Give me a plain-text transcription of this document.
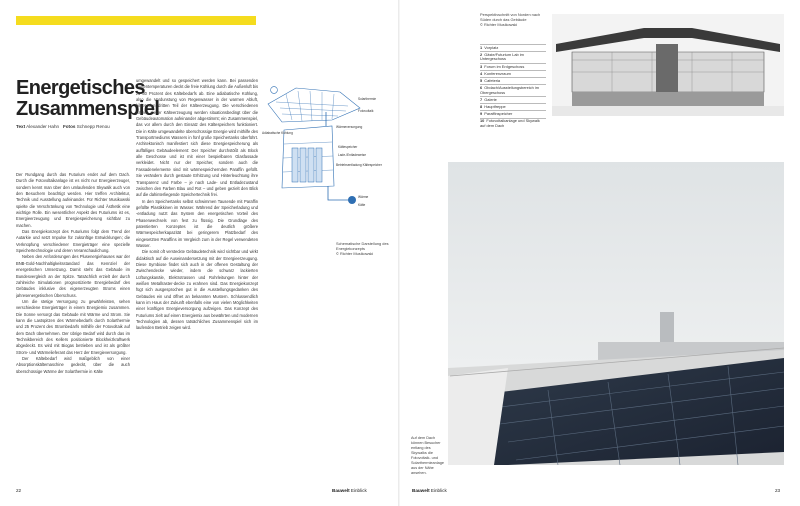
Energetisches
Zusammenspiel
Text Alexander Hahn Fotos Schnepp Renou

Der Rundgang durch das Futurium endet auf dem Dach. Durch die Fotovoltaikanlage ist es nicht nur Energieerzeuger, sondern kennt man über den umlaufenden Skywalk auch von den Besuchern beachtigt werden. Hier treffen Architektur, Technik und Ausstellung aufeinander. Für Richter Musikowski spielte die Verschränkung von Technologie und Ästhetik eine wichtige Rolle. Ein wesentlicher Aspekt des Futuriums ist es, Energieerzeugung und Energiespeicherung sichtbar zu machen.

Das Energiekonzept des Futuriums folgt dem Trend der Autarkie und setzt Impulse für zukünftige Entwicklungen; die Verknüpfung verschiedener Energieträger eine spezielle Speichertechnologie und deren Veranschaulichung.

Neben den Anforderungen des Plusenergiehauses war der BNB-Gold-Nachhaltigkeitsstandard das Kennziel der energetischen Umsetzung. Damit steht das Gebäude im Bundesvergleich an der Spitze. Tatsächlich erzielt der durch zahlreiche Simulationen prognostizierte Energiebedarf des Gebäudes inklusive des eigenerzeugten Stroms einen jahresenergetischen Überschuss.

Um die stetige Versorgung zu gewährleisten, sehen verschiedene Energieträger in einem Energiemix zusammen. Die Sonne versorgt das Gebäude mit Wärme und Strom. Sie kann die Lastspitzen des Wärmebedarfs durch Solarthermie und 25 Prozent des Strombedarfs mithilfe der Fotovoltaik auf dem Dach übernehmen. Der übrige Bedarf wird durch das im Technikbereich des Kellers positionierte Blockheizkraftwerk abgedeckt. Es wird mit Biogas betrieben und ist als größter Strom- und Wärmelieferant das Herz der Energieversorgung.

Der Kältebedarf wird maßgeblich von einer Absorptionskältemaschine gedeckt, über die auch überschüssige Wärme der Solarthermie in Kälte

umgewandelt und so gespeichert werden kann. Bei passenden Außentemperaturen deckt die freie Kühlung durch die Außenluft bis zu 30 Prozent des Kältebedarfs ab. Eine adiabatische Kühlung, also die Verdunstung von Regenwasser in der warmen Abluft, bildet den dritten Teil der Kälteerzeugung. Die verschiedenen Anteile dieser Kälteerzeugung werden situationsbedingt über die Gebäudeautomation aufeinander abgestimmt; ein Zusammenspiel, das vor allem durch den Einsatz des Kältespeichers funktioniert. Die in Kälte umgewandelte überschüssige Energie wird mithilfe des Transportmediums Wassers in fünf große Speichertanks überführt. Architektonisch manifestiert sich diese Energiespeicherung als auffälliges Gebäudeelement: Der Speicher durchstößt als Block alle Geschosse und ist mit einer bespielbaren Glasfassade verkleidet. Nicht nur der Speicher, sondern auch die Fassadenelemente sind mit wärmespeichernden Paraffin gefüllt. Sie verändern durch gestaute Erhitzung und Hinterleuchtung ihre Transparenz und Farbe – je nach Lade- und Entladezustand zwischen den Farben Blau und Rot – und geben gezielt den Blick auf die dahinterliegende Speichertechnik frei.

In den Speichertanks selbst schwimmen Tausende mit Paraffin gefüllte Plastikkinen im Wasser. Während der Speicherladung und -entladung nutzt das System den energetischen Vorteil des Phasenwechsels von fest zu flüssig. Die Grundlage des patentierten Konzeptes ist die deutlich größere Wärmespeicherkapazität bei geringerem Platzbedarf des eingesetzten Paraffins im Vergleich zum in der Regel verwendeten Wasser.

Die somit oft versteckte Gebäudetechnik wird sichtbar und wirkt didaktisch auf die Auseinandersetzung mit der Energieerzeugung. Diese Symbiose findet sich auch in der offenen Gestaltung der Zwischendecke wieder, indem die schwarz lackierten Lüftungskanäle, Elektrotrassen und Rohrleitungen hinter der weißen Metallraster-decke zu erahnen sind. Das Energiekonzept fügt sich ausgesprochen gut in die Ausstellungsgedanken des Gebäudes ein und öffnet an bekannten Mustern. Schlussendlich kann im Haus der Zukunft ebenfalls eine von vielen Möglichkeiten einer künftigen Energieversorgung aufzeigen. Das Konzept des Futuriums zielt auf einen Energiemix aus bewährten und modernen Technologien ab, dessen tatsächliches Zusammenspiel sich im laufenden Betrieb zeigen wird.

Wärmeversorgung
Solarthermie
Fotovoltaik
Adiabatische Kühlung
Kältespeicher
Lade-/Entladeweise
Betriebsentladung Kältespeicher
Wärme
Kälte
Schematische Darstellung des Energiekonzepts
© Richter Musikowski
22	Bauwelt Einblick
Perspektivschnitt von Norden nach Süden durch das Gebäude
© Richter Musikowski
1 Vorplatz
2 Gäste/Futurium Lab im Untergeschoss
3 Forum im Erdgeschoss
4 Konferenzraum
5 Cafeteria
6 Obdach/Ausstellungsbereich im Obergeschoss
7 Galerie
8 Hauptfreppe
9 Paraffinspeicher
10 Fotovoltaikanlage und Skywalk auf dem Dach
Auf dem Dach können Besucher entlang des Skywalks die Fotovoltaik- und Solarthermieanlage aus der Nähe ansehen.
Bauwelt Einblick	23
